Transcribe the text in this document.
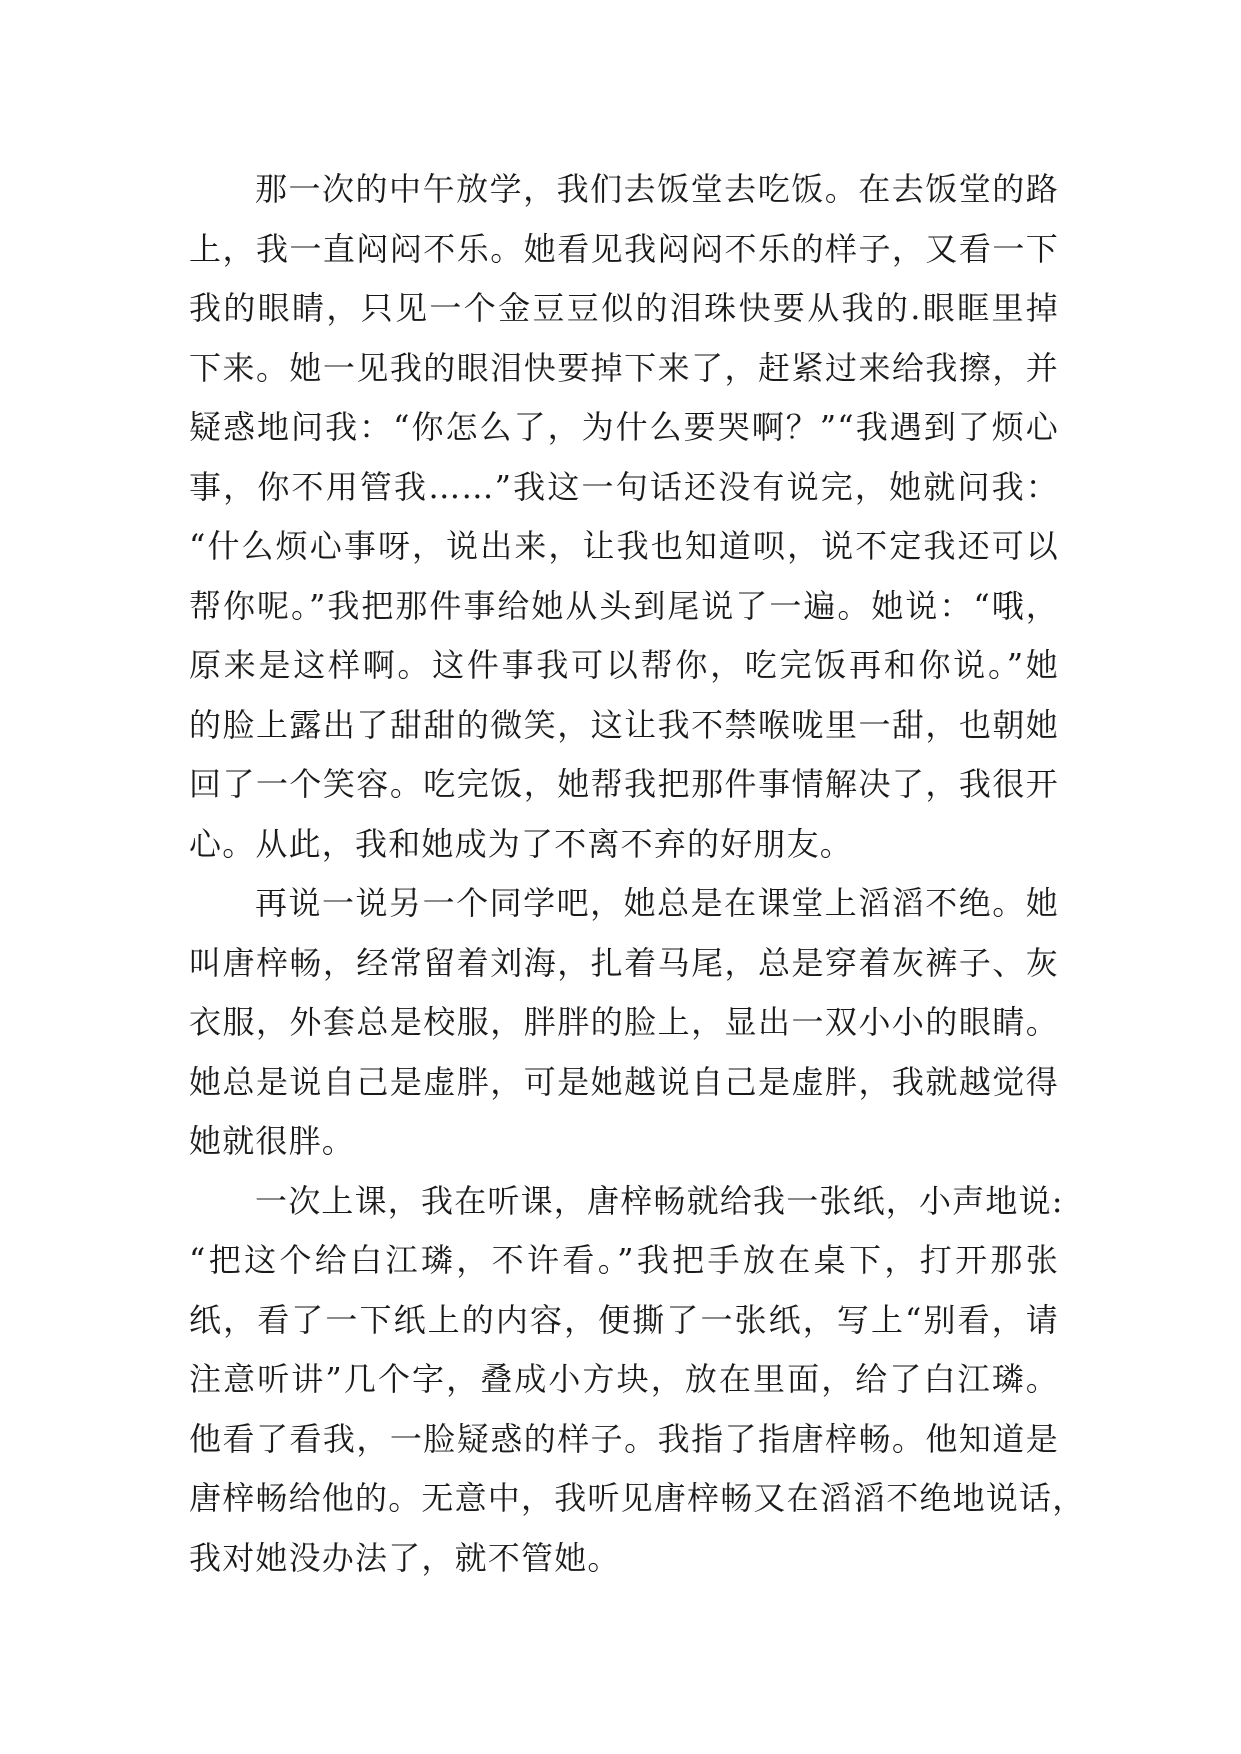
那一次的中午放学，我们去饭堂去吃饭。在去饭堂的路
上，我一直闷闷不乐。她看见我闷闷不乐的样子，又看一下
我的眼睛，只见一个金豆豆似的泪珠快要从我的.眼眶里掉
下来。她一见我的眼泪快要掉下来了，赶紧过来给我擦，并
疑惑地问我：“你怎么了，为什么要哭啊？”“我遇到了烦心
事，你不用管我……”我这一句话还没有说完，她就问我：
“什么烦心事呀，说出来，让我也知道呗，说不定我还可以
帮你呢。”我把那件事给她从头到尾说了一遍。她说：“哦，
原来是这样啊。这件事我可以帮你，吃完饭再和你说。”她
的脸上露出了甜甜的微笑，这让我不禁喉咙里一甜，也朝她
回了一个笑容。吃完饭，她帮我把那件事情解决了，我很开
心。从此，我和她成为了不离不弃的好朋友。
再说一说另一个同学吧，她总是在课堂上滔滔不绝。她
叫唐梓畅，经常留着刘海，扎着马尾，总是穿着灰裤子、灰
衣服，外套总是校服，胖胖的脸上，显出一双小小的眼睛。
她总是说自己是虚胖，可是她越说自己是虚胖，我就越觉得
她就很胖。
一次上课，我在听课，唐梓畅就给我一张纸，小声地说:
“把这个给白江璘，不许看。”我把手放在桌下，打开那张
纸，看了一下纸上的内容，便撕了一张纸，写上“别看，请
注意听讲”几个字，叠成小方块，放在里面，给了白江璘。
他看了看我，一脸疑惑的样子。我指了指唐梓畅。他知道是
唐梓畅给他的。无意中，我听见唐梓畅又在滔滔不绝地说话，
我对她没办法了，就不管她。
